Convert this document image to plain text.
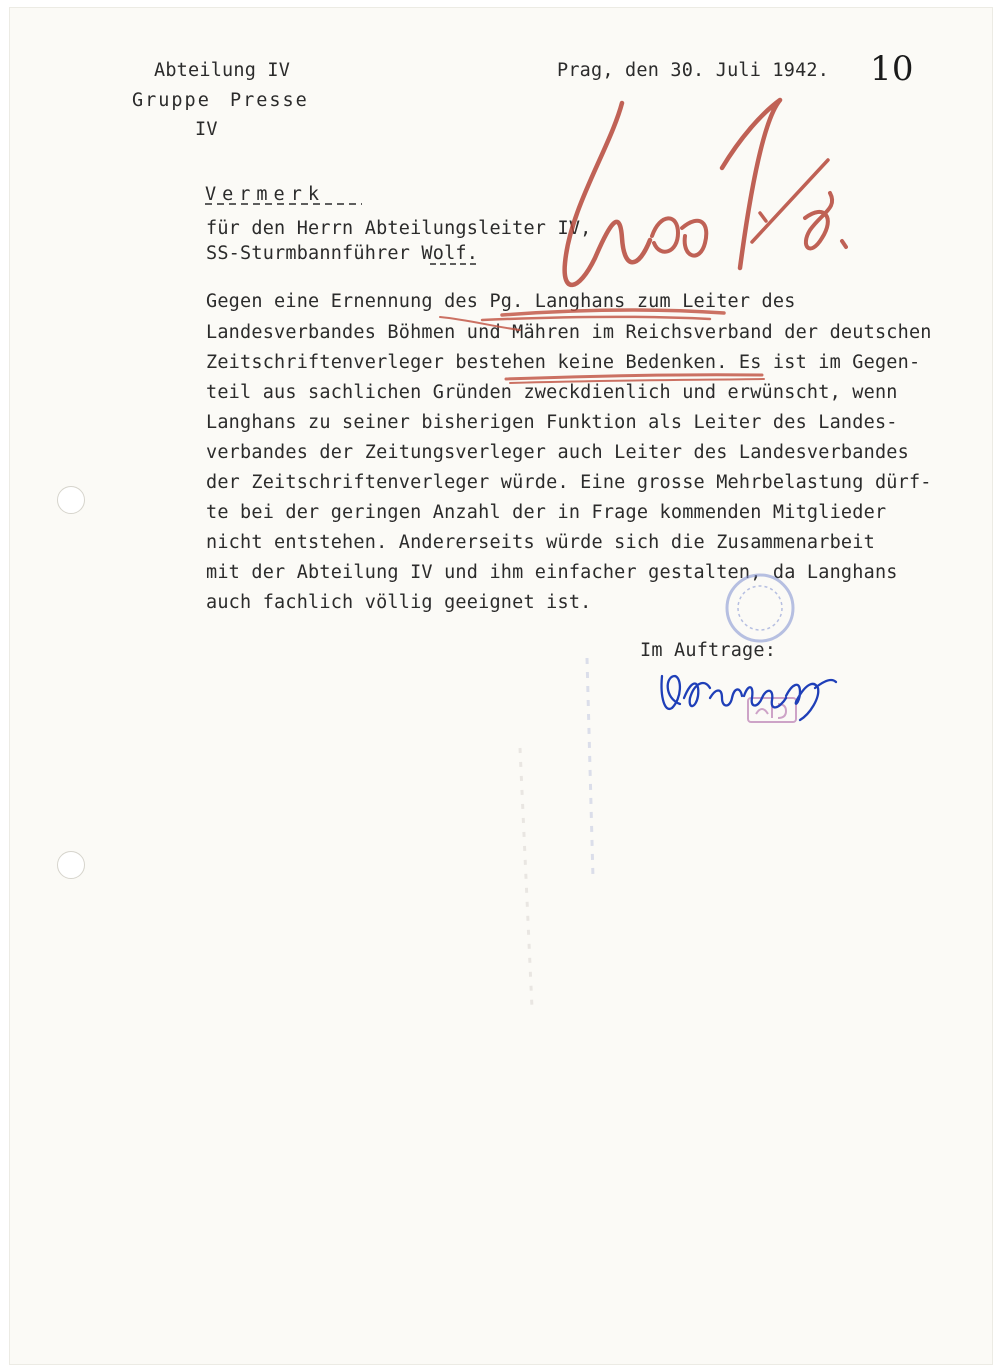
Abteilung IV
Gruppe Presse
IV
Prag, den 30. Juli 1942. 10
Vermerk
für den Herrn Abteilungsleiter IV,
SS-Sturmbannführer Wolf.
Gegen eine Ernennung des Pg. Langhans zum Leiter des
Landesverbandes Böhmen und Mähren im Reichsverband der deutschen
Zeitschriftenverleger bestehen keine Bedenken. Es ist im Gegen-
teil aus sachlichen Gründen zweckdienlich und erwünscht, wenn
Langhans zu seiner bisherigen Funktion als Leiter des Landes-
verbandes der Zeitungsverleger auch Leiter des Landesverbandes
der Zeitschriftenverleger würde. Eine grosse Mehrbelastung dürf-
te bei der geringen Anzahl der in Frage kommenden Mitglieder
nicht entstehen. Andererseits würde sich die Zusammenarbeit
mit der Abteilung IV und ihm einfacher gestalten, da Langhans
auch fachlich völlig geeignet ist.
Im Auftrage:
